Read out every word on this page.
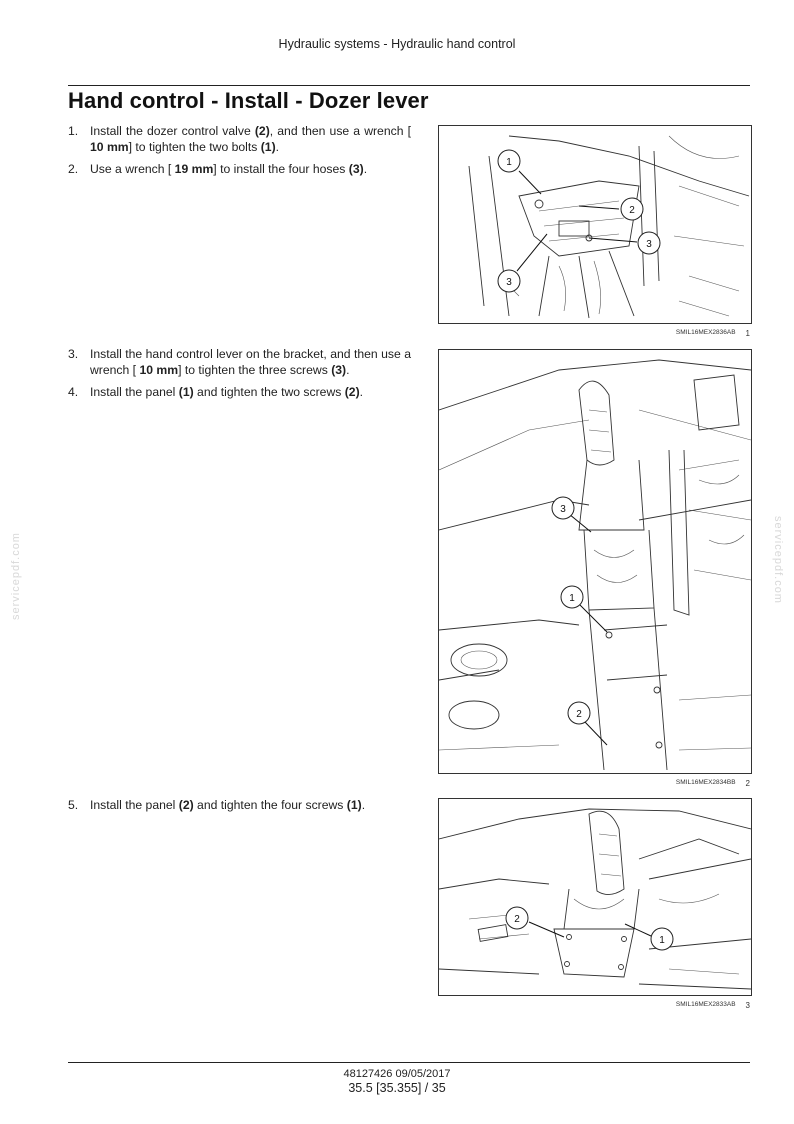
Hydraulic systems - Hydraulic hand control
Hand control - Install - Dozer lever
1. Install the dozer control valve (2), and then use a wrench [ 10 mm] to tighten the two bolts (1).
2. Use a wrench [ 19 mm] to install the four hoses (3).	1
2
3
3
SMIL16MEX2836AB 1
3. Install the hand control lever on the bracket, and then use a wrench [ 10 mm] to tighten the three screws (3).
4. Install the panel (1) and tighten the two screws (2).
3
1
2
SMIL16MEX2834BB 2
5. Install the panel (2) and tighten the four screws (1).
2
1
SMIL16MEX2833AB 3
servicepdf.com	servicepdf.com
48127426 09/05/2017
35.5 [35.355] / 35
